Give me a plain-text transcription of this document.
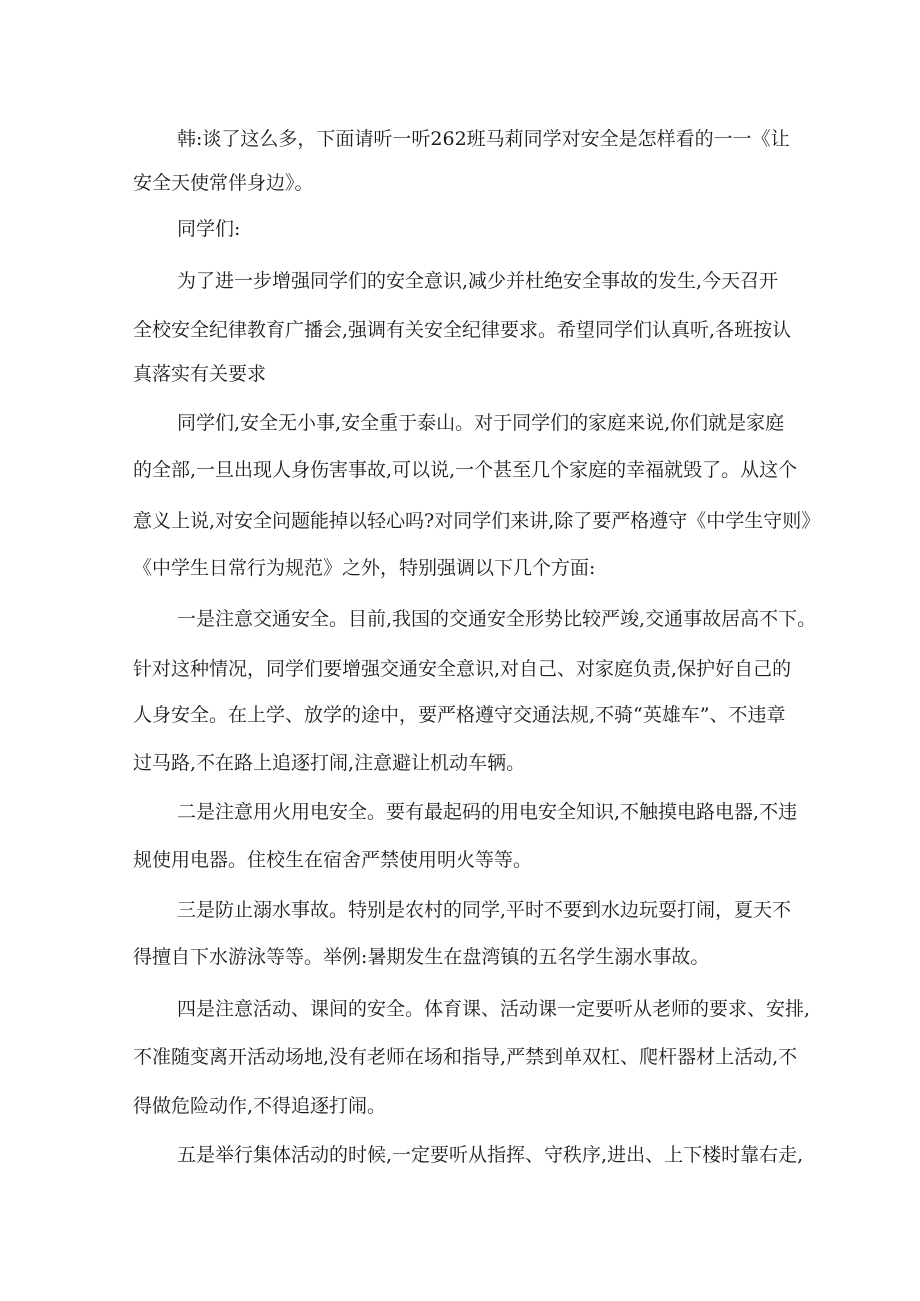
韩:谈了这么多，下面请听一听262班马莉同学对安全是怎样看的一一《让
安全天使常伴身边》。
同学们:
为了进一步增强同学们的安全意识,减少并杜绝安全事故的发生,今天召开
全校安全纪律教育广播会,强调有关安全纪律要求。希望同学们认真听,各班按认
真落实有关要求
同学们,安全无小事,安全重于泰山。对于同学们的家庭来说,你们就是家庭
的全部,一旦出现人身伤害事故,可以说,一个甚至几个家庭的幸福就毁了。从这个
意义上说,对安全问题能掉以轻心吗?对同学们来讲,除了要严格遵守《中学生守则》
《中学生日常行为规范》之外，特别强调以下几个方面:
一是注意交通安全。目前,我国的交通安全形势比较严竣,交通事故居高不下。
针对这种情况，同学们要增强交通安全意识,对自己、对家庭负责,保护好自己的
人身安全。在上学、放学的途中，要严格遵守交通法规,不骑“英雄车”、不违章
过马路,不在路上追逐打闹,注意避让机动车辆。
二是注意用火用电安全。要有最起码的用电安全知识,不触摸电路电器,不违
规使用电器。住校生在宿舍严禁使用明火等等。
三是防止溺水事故。特别是农村的同学,平时不要到水边玩耍打闹，夏天不
得擅自下水游泳等等。举例:暑期发生在盘湾镇的五名学生溺水事故。
四是注意活动、课间的安全。体育课、活动课一定要听从老师的要求、安排,
不准随变离开活动场地,没有老师在场和指导,严禁到单双杠、爬杆器材上活动,不
得做危险动作,不得追逐打闹。
五是举行集体活动的时候,一定要听从指挥、守秩序,进出、上下楼时靠右走,
